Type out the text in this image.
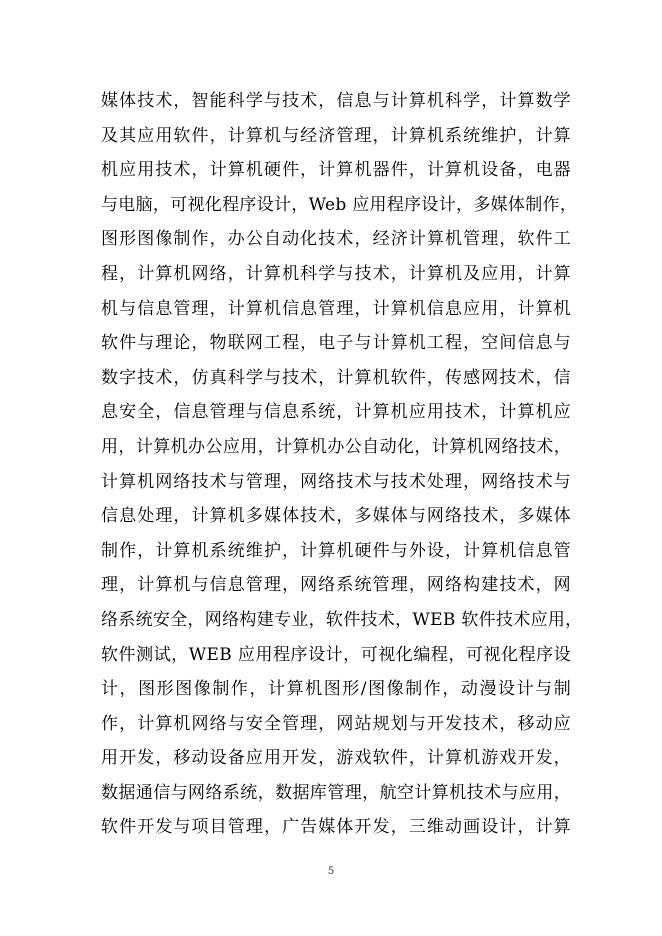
媒体技术，智能科学与技术，信息与计算机科学，计算数学
及其应用软件，计算机与经济管理，计算机系统维护，计算
机应用技术，计算机硬件，计算机器件，计算机设备，电器
与电脑，可视化程序设计，Web 应用程序设计，多媒体制作，
图形图像制作，办公自动化技术，经济计算机管理，软件工
程，计算机网络，计算机科学与技术，计算机及应用，计算
机与信息管理，计算机信息管理，计算机信息应用，计算机
软件与理论，物联网工程，电子与计算机工程，空间信息与
数字技术，仿真科学与技术，计算机软件，传感网技术，信
息安全，信息管理与信息系统，计算机应用技术，计算机应
用，计算机办公应用，计算机办公自动化，计算机网络技术，
计算机网络技术与管理，网络技术与技术处理，网络技术与
信息处理，计算机多媒体技术，多媒体与网络技术，多媒体
制作，计算机系统维护，计算机硬件与外设，计算机信息管
理，计算机与信息管理，网络系统管理，网络构建技术，网
络系统安全，网络构建专业，软件技术，WEB 软件技术应用，
软件测试，WEB 应用程序设计，可视化编程，可视化程序设
计，图形图像制作，计算机图形/图像制作，动漫设计与制
作，计算机网络与安全管理，网站规划与开发技术，移动应
用开发，移动设备应用开发，游戏软件，计算机游戏开发，
数据通信与网络系统，数据库管理，航空计算机技术与应用，
软件开发与项目管理，广告媒体开发，三维动画设计，计算
5
